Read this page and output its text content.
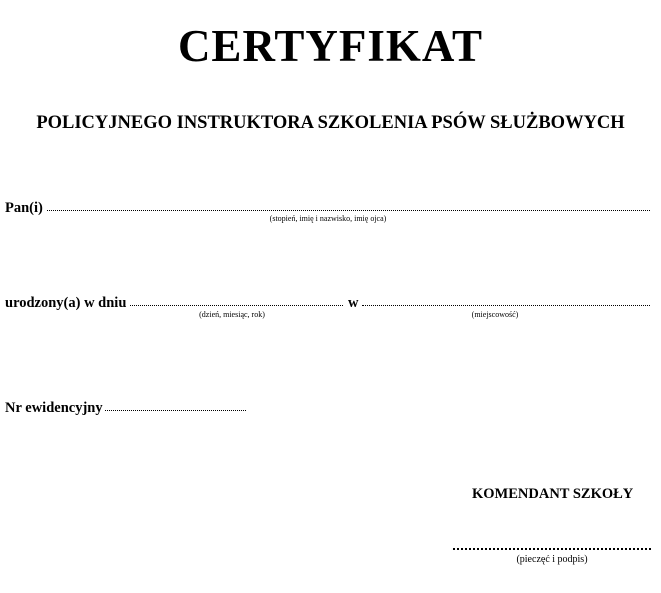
CERTYFIKAT
POLICYJNEGO INSTRUKTORA SZKOLENIA PSÓW SŁUŻBOWYCH
Pan(i)
(stopień, imię i nazwisko, imię ojca)
urodzony(a) w dniu	w
(dzień, miesiąc, rok)	(miejscowość)
Nr ewidencyjny
KOMENDANT SZKOŁY
(pieczęć i podpis)
